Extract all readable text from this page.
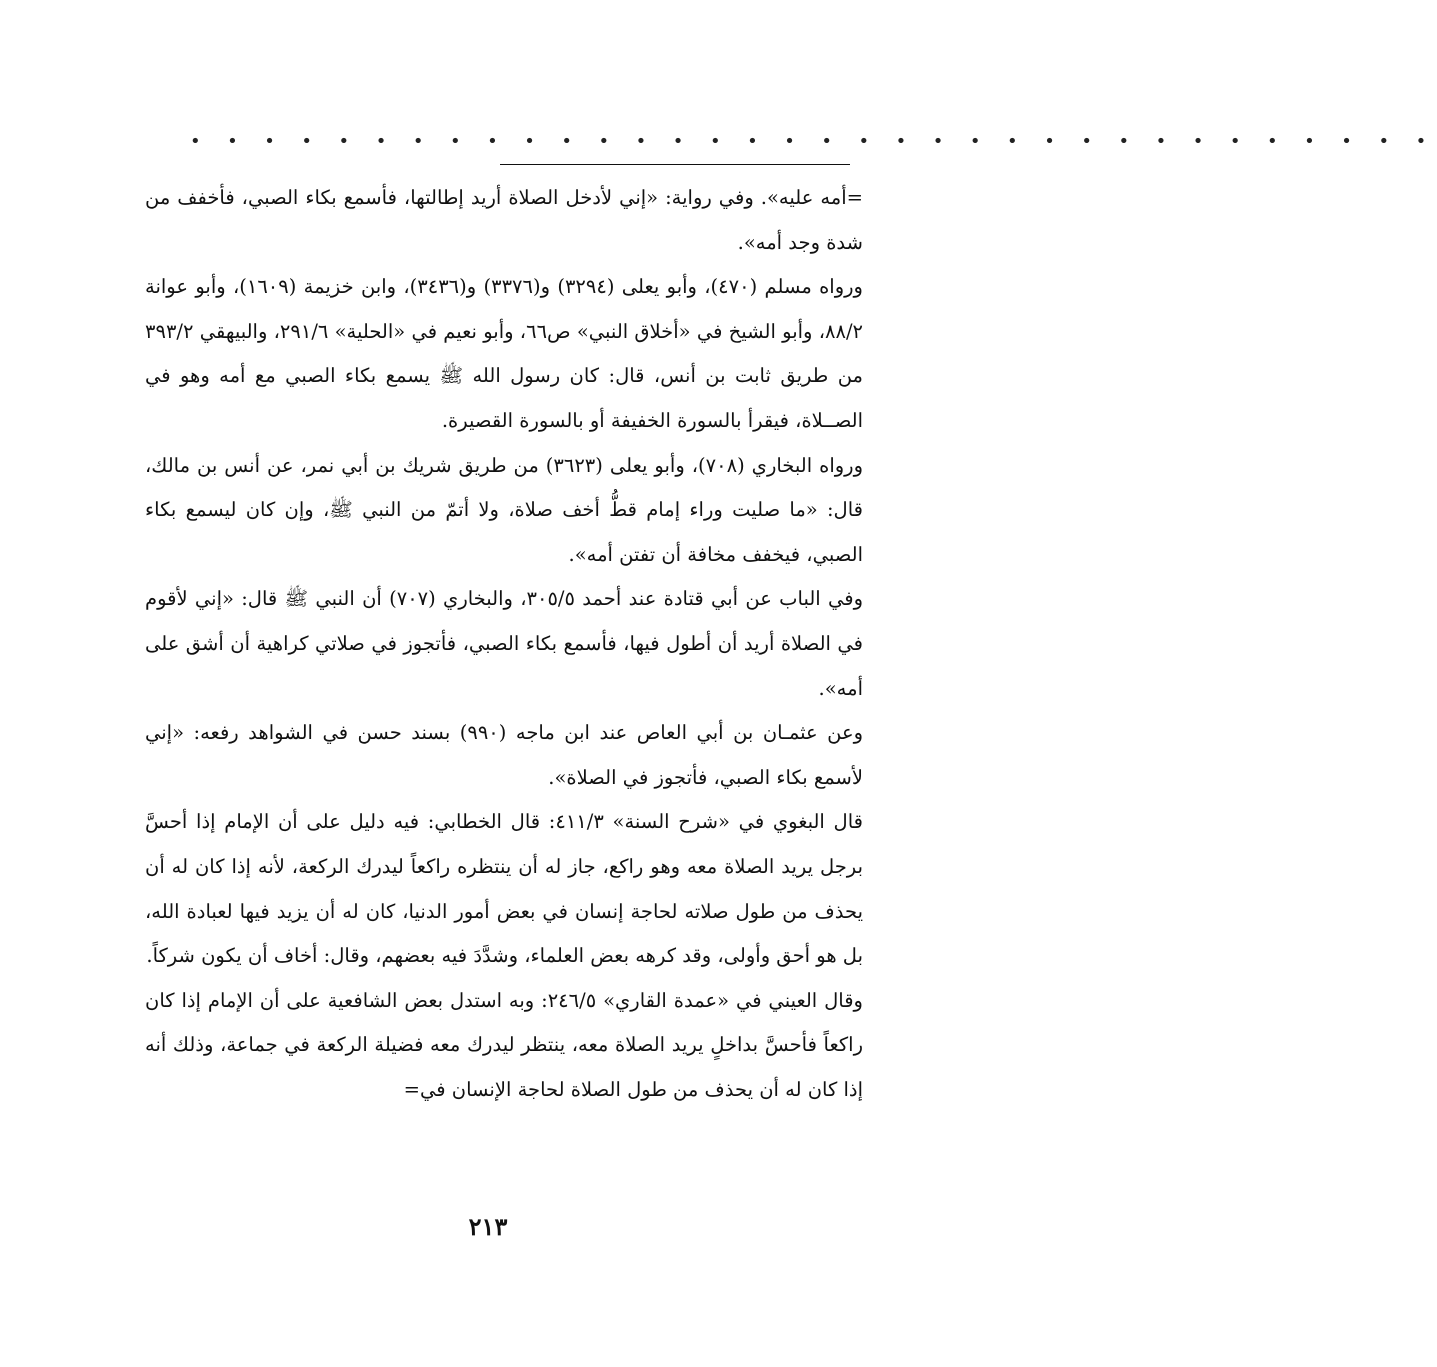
• • • • • • • • • • • • • • • • • • • • • • • • • • • • • • • • • •

=أمه عليه». وفي رواية: «إني لأدخل الصلاة أريد إطالتها، فأسمع بكاء الصبي، فأخفف من شدة وجد أمه».

ورواه مسلم (٤٧٠)، وأبو يعلى (٣٢٩٤) و(٣٣٧٦) و(٣٤٣٦)، وابن خزيمة (١٦٠٩)، وأبو عوانة ٨٨/٢، وأبو الشيخ في «أخلاق النبي» ص٦٦، وأبو نعيم في «الحلية» ٢٩١/٦، والبيهقي ٣٩٣/٢ من طريق ثابت بن أنس، قال: كان رسول الله ﷺ يسمع بكاء الصبي مع أمه وهو في الصــلاة، فيقرأ بالسورة الخفيفة أو بالسورة القصيرة.

ورواه البخاري (٧٠٨)، وأبو يعلى (٣٦٢٣) من طريق شريك بن أبي نمر، عن أنس بن مالك، قال: «ما صليت وراء إمام قطُّ أخف صلاة، ولا أتمّ من النبي ﷺ، وإن كان ليسمع بكاء الصبي، فيخفف مخافة أن تفتن أمه».

وفي الباب عن أبي قتادة عند أحمد ٣٠٥/٥، والبخاري (٧٠٧) أن النبي ﷺ قال: «إني لأقوم في الصلاة أريد أن أطول فيها، فأسمع بكاء الصبي، فأتجوز في صلاتي كراهية أن أشق على أمه».

وعن عثمـان بن أبي العاص عند ابن ماجه (٩٩٠) بسند حسن في الشواهد رفعه: «إني لأسمع بكاء الصبي، فأتجوز في الصلاة».

قال البغوي في «شرح السنة» ٤١١/٣: قال الخطابي: فيه دليل على أن الإمام إذا أحسَّ برجل يريد الصلاة معه وهو راكع، جاز له أن ينتظره راكعاً ليدرك الركعة، لأنه إذا كان له أن يحذف من طول صلاته لحاجة إنسان في بعض أمور الدنيا، كان له أن يزيد فيها لعبادة الله، بل هو أحق وأولى، وقد كرهه بعض العلماء، وشدَّدَ فيه بعضهم، وقال: أخاف أن يكون شركاً.

وقال العيني في «عمدة القاري» ٢٤٦/٥: وبه استدل بعض الشافعية على أن الإمام إذا كان راكعاً فأحسَّ بداخلٍ يريد الصلاة معه، ينتظر ليدرك معه فضيلة الركعة في جماعة، وذلك أنه إذا كان له أن يحذف من طول الصلاة لحاجة الإنسان في=

٢١٣
